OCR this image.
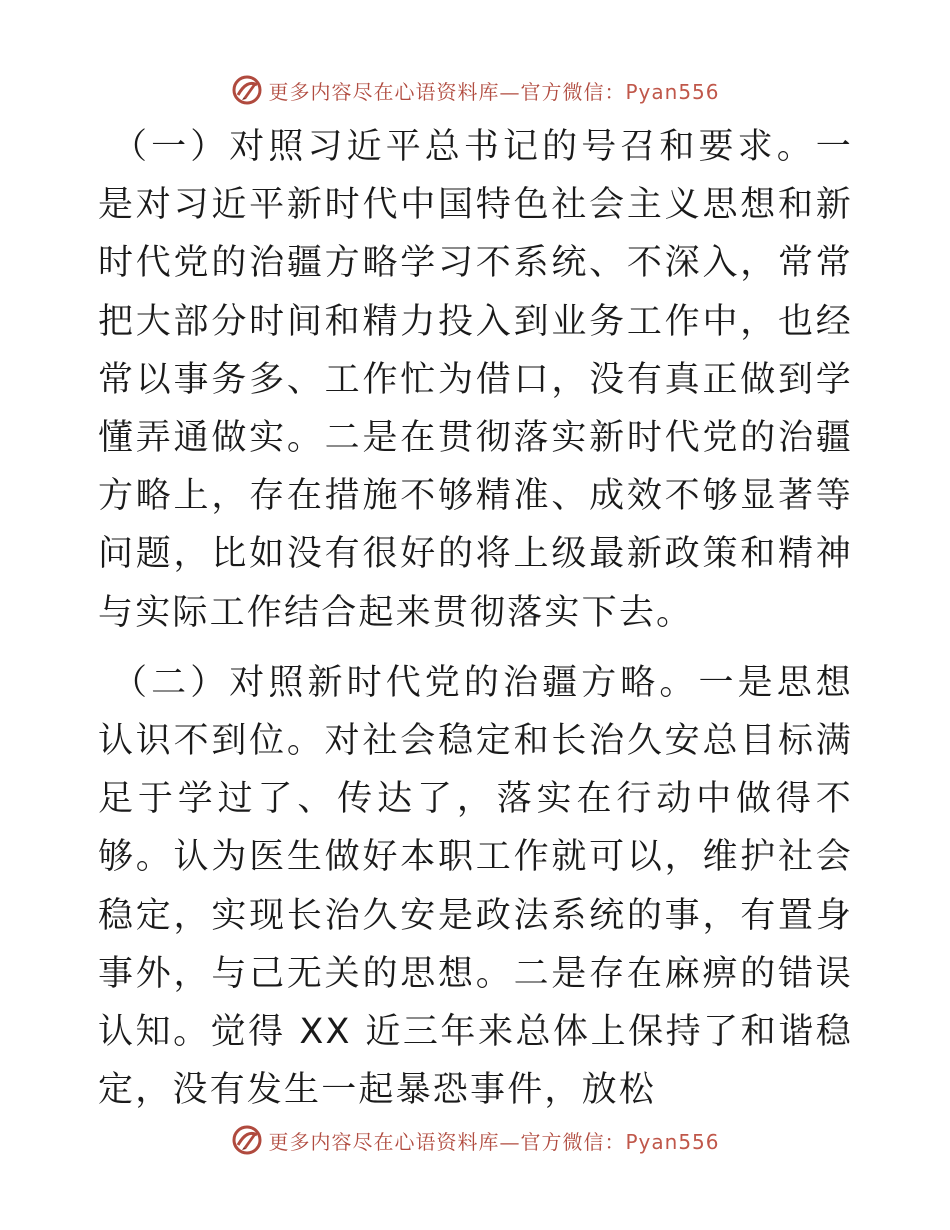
更多内容尽在心语资料库—官方微信：Pyan556

（一）对照习近平总书记的号召和要求。一是对习近平新时代中国特色社会主义思想和新时代党的治疆方略学习不系统、不深入，常常把大部分时间和精力投入到业务工作中，也经常以事务多、工作忙为借口，没有真正做到学懂弄通做实。二是在贯彻落实新时代党的治疆方略上，存在措施不够精准、成效不够显著等问题，比如没有很好的将上级最新政策和精神与实际工作结合起来贯彻落实下去。

（二）对照新时代党的治疆方略。一是思想认识不到位。对社会稳定和长治久安总目标满足于学过了、传达了，落实在行动中做得不够。认为医生做好本职工作就可以，维护社会稳定，实现长治久安是政法系统的事，有置身事外，与己无关的思想。二是存在麻痹的错误认知。觉得 XX 近三年来总体上保持了和谐稳定，没有发生一起暴恐事件，放松

更多内容尽在心语资料库—官方微信：Pyan556
